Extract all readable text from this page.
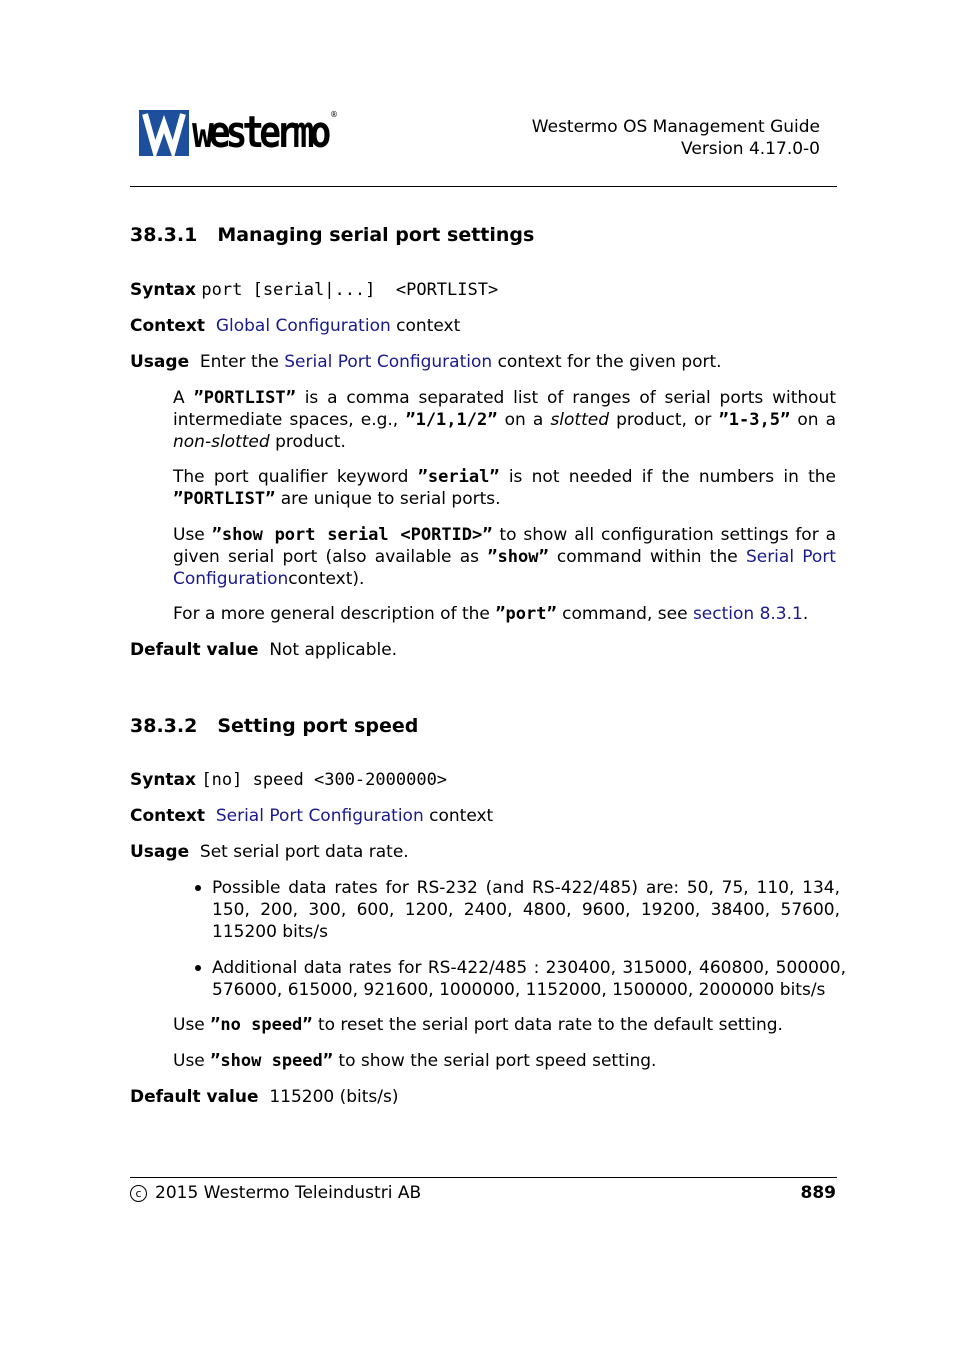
westermo ®
Westermo OS Management Guide
Version 4.17.0-0
38.3.1 Managing serial port settings
Syntax port [serial|...]  <PORTLIST>
Context Global Configuration context
Usage Enter the Serial Port Configuration context for the given port.
A ”PORTLIST” is a comma separated list of ranges of serial ports without intermediate spaces, e.g., ”1/1,1/2” on a slotted product, or ”1-3,5” on a non-slotted product.
The port qualifier keyword ”serial” is not needed if the numbers in the ”PORTLIST” are unique to serial ports.
Use ”show port serial <PORTID>” to show all configuration settings for a given serial port (also available as ”show” command within the Serial Port Configurationcontext).
For a more general description of the ”port” command, see section 8.3.1.
Default value Not applicable.
38.3.2 Setting port speed
Syntax [no] speed <300-2000000>
Context Serial Port Configuration context
Usage Set serial port data rate.
Possible data rates for RS-232 (and RS-422/485) are: 50, 75, 110, 134,
150, 200, 300, 600, 1200, 2400, 4800, 9600, 19200, 38400, 57600,
115200 bits/s
Additional data rates for RS-422/485 : 230400, 315000, 460800, 500000,
576000, 615000, 921600, 1000000, 1152000, 1500000, 2000000 bits/s
Use ”no speed” to reset the serial port data rate to the default setting.
Use ”show speed” to show the serial port speed setting.
Default value 115200 (bits/s)
c 2015 Westermo Teleindustri AB	889
